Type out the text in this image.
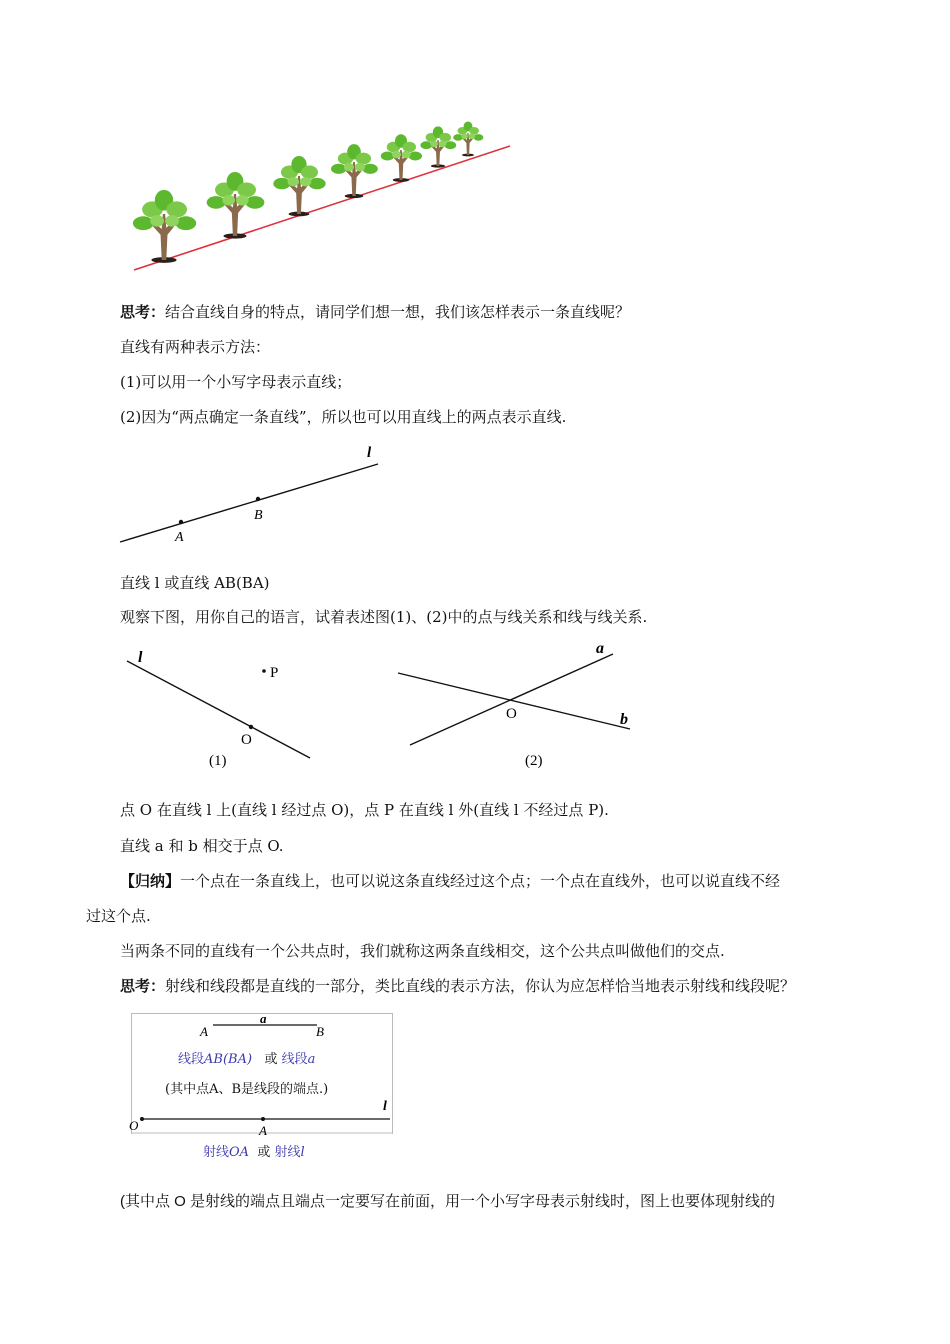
思考：结合直线自身的特点，请同学们想一想，我们该怎样表示一条直线呢？
直线有两种表示方法：
(1)可以用一个小写字母表示直线；
(2)因为“两点确定一条直线”，所以也可以用直线上的两点表示直线.
l
A
B
直线 l 或直线 AB(BA)
观察下图，用你自己的语言，试着表述图(1)、(2)中的点与线关系和线与线关系.
l
P
O
(1)
a
b
O
(2)
点 O 在直线 l 上(直线 l 经过点 O)，点 P 在直线 l 外(直线 l 不经过点 P).
直线 a 和 b 相交于点 O.
【归纳】一个点在一条直线上，也可以说这条直线经过这个点；一个点在直线外，也可以说直线不经
过这个点.
当两条不同的直线有一个公共点时，我们就称这两条直线相交，这个公共点叫做他们的交点.
思考：射线和线段都是直线的一部分，类比直线的表示方法，你认为应怎样恰当地表示射线和线段呢？
A	B
a
O	A
l
线段AB(BA) 或 线段a
(其中点A、B是线段的端点.)
射线OA 或 射线l
(其中点 O 是射线的端点且端点一定要写在前面，用一个小写字母表示射线时，图上也要体现射线的
